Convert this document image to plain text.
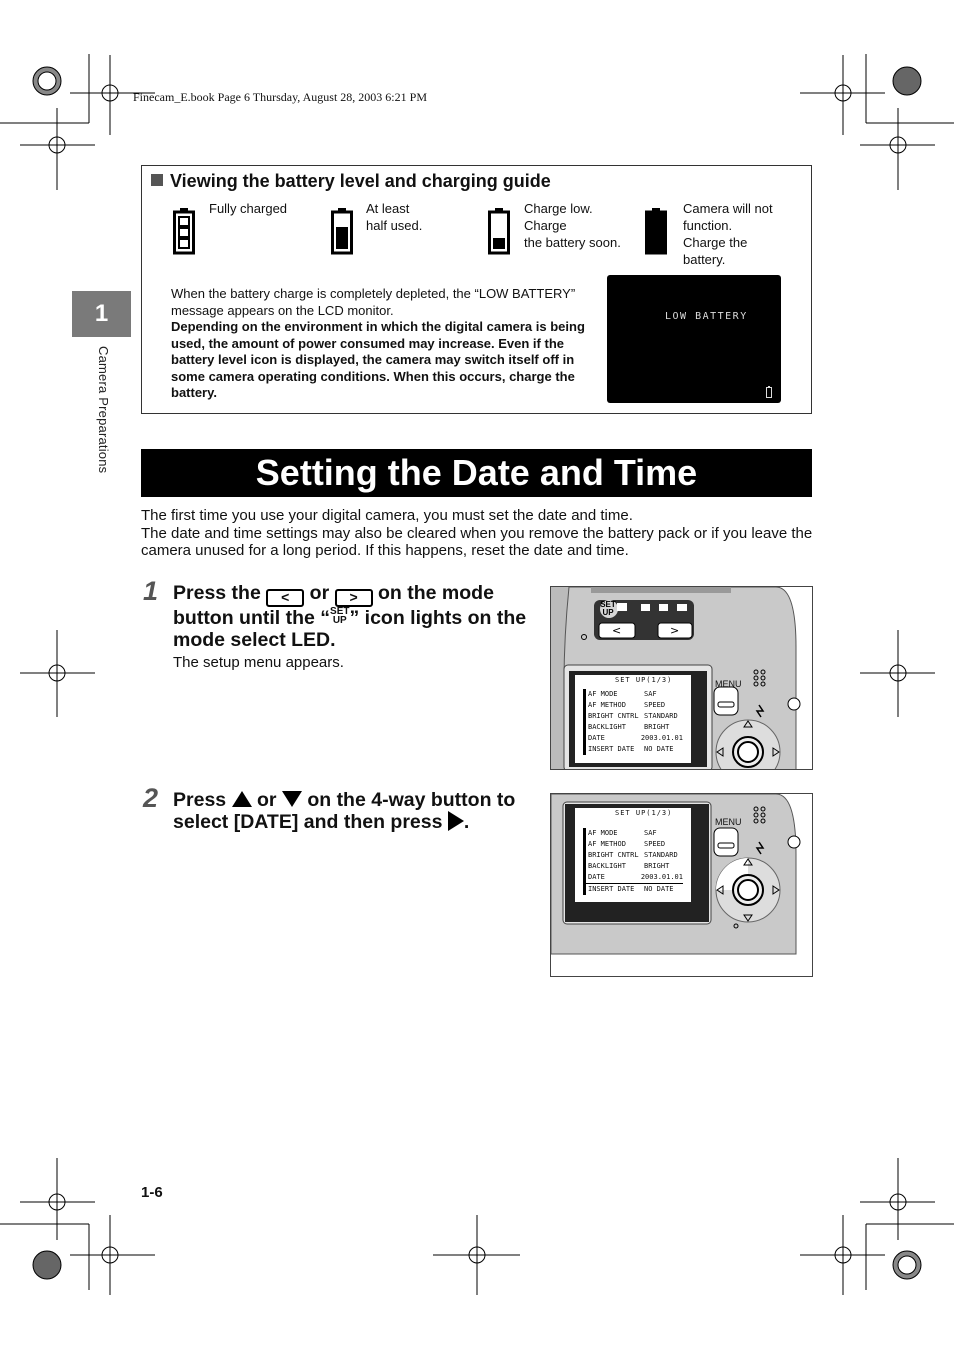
Finecam_E.book Page 6 Thursday, August 28, 2003 6:21 PM
1
Camera Preparations
Viewing the battery level and charging guide
Fully charged	At least
half used.
Charge low.
Charge
the battery soon.
Camera will not
function.
Charge the
battery.
When the battery charge is completely depleted, the “LOW BATTERY” message appears on the LCD monitor.
Depending on the environment in which the digital camera is being used, the amount of power consumed may increase. Even if the battery level icon is displayed, the camera may switch itself off in some camera operating conditions. When this occurs, charge the battery.
LOW BATTERY
Setting the Date and Time
The first time you use your digital camera, you must set the date and time.
The date and time settings may also be cleared when you remove the battery pack or if you leave the camera unused for a long period. If this happens, reset the date and time.
1 Press the < or > on the mode button until the “SET
UP ” icon lights on the mode select LED.
The setup menu appears.
2 Press or on the 4-way button to select [DATE] and then press .
<	>
SET UP
MENU
SET UP(1/3)
AF MODE	SAF
AF METHOD	SPEED
BRIGHT CNTRL STANDARD
BACKLIGHT	BRIGHT
DATE	2003.01.01
INSERT DATE	NO DATE
MENU
SET UP(1/3)
AF MODE	SAF
AF METHOD	SPEED
BRIGHT CNTRL STANDARD
BACKLIGHT	BRIGHT
DATE	2003.01.01
INSERT DATE	NO DATE
1-6
